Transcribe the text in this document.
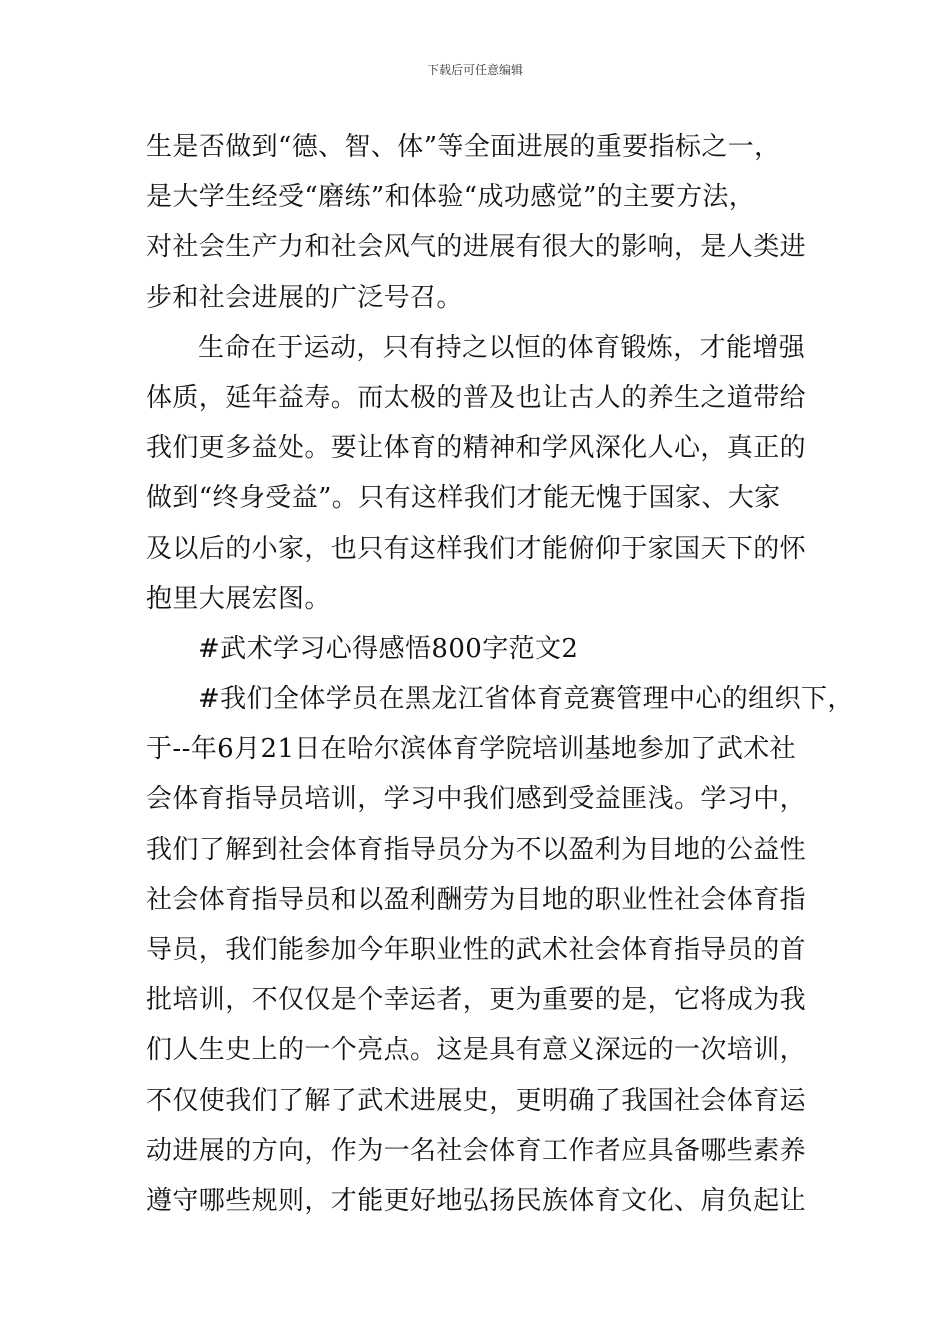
下载后可任意编辑
生是否做到“德、智、体”等全面进展的重要指标之一，
是大学生经受“磨练”和体验“成功感觉”的主要方法，
对社会生产力和社会风气的进展有很大的影响，是人类进
步和社会进展的广泛号召。
生命在于运动，只有持之以恒的体育锻炼，才能增强
体质，延年益寿。而太极的普及也让古人的养生之道带给
我们更多益处。要让体育的精神和学风深化人心，真正的
做到“终身受益”。只有这样我们才能无愧于国家、大家
及以后的小家，也只有这样我们才能俯仰于家国天下的怀
抱里大展宏图。
#武术学习心得感悟800字范文2
#我们全体学员在黑龙江省体育竞赛管理中心的组织下，
于--年6月21日在哈尔滨体育学院培训基地参加了武术社
会体育指导员培训，学习中我们感到受益匪浅。学习中，
我们了解到社会体育指导员分为不以盈利为目地的公益性
社会体育指导员和以盈利酬劳为目地的职业性社会体育指
导员，我们能参加今年职业性的武术社会体育指导员的首
批培训，不仅仅是个幸运者，更为重要的是，它将成为我
们人生史上的一个亮点。这是具有意义深远的一次培训，
不仅使我们了解了武术进展史，更明确了我国社会体育运
动进展的方向，作为一名社会体育工作者应具备哪些素养
遵守哪些规则，才能更好地弘扬民族体育文化、肩负起让
